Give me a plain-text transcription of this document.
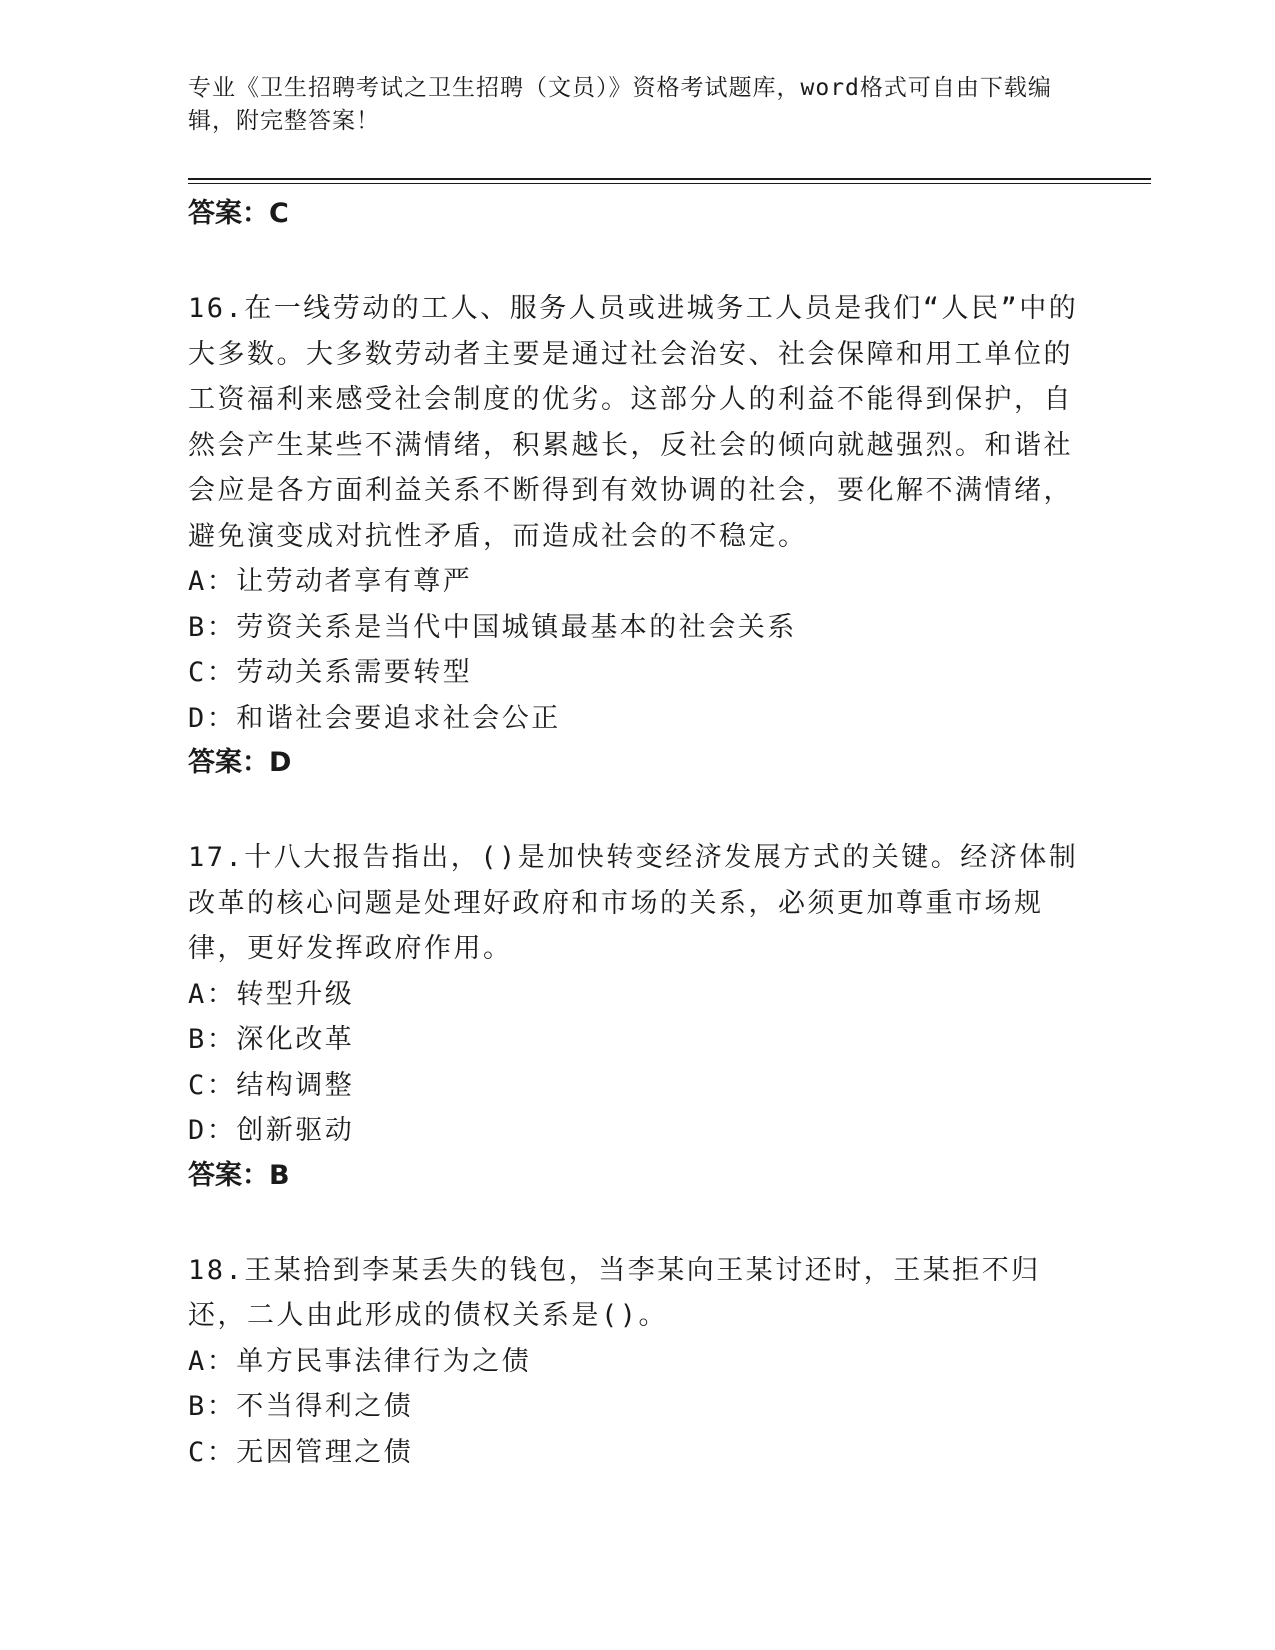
专业《卫生招聘考试之卫生招聘（文员）》资格考试题库，word格式可自由下载编辑，附完整答案！
答案：C
16.在一线劳动的工人、服务人员或进城务工人员是我们“人民”中的大多数。大多数劳动者主要是通过社会治安、社会保障和用工单位的工资福利来感受社会制度的优劣。这部分人的利益不能得到保护，自然会产生某些不满情绪，积累越长，反社会的倾向就越强烈。和谐社会应是各方面利益关系不断得到有效协调的社会，要化解不满情绪，避免演变成对抗性矛盾，而造成社会的不稳定。
A：让劳动者享有尊严
B：劳资关系是当代中国城镇最基本的社会关系
C：劳动关系需要转型
D：和谐社会要追求社会公正
答案：D
17.十八大报告指出，()是加快转变经济发展方式的关键。经济体制改革的核心问题是处理好政府和市场的关系，必须更加尊重市场规律，更好发挥政府作用。
A：转型升级
B：深化改革
C：结构调整
D：创新驱动
答案：B
18.王某拾到李某丢失的钱包，当李某向王某讨还时，王某拒不归还，二人由此形成的债权关系是()。
A：单方民事法律行为之债
B：不当得利之债
C：无因管理之债
